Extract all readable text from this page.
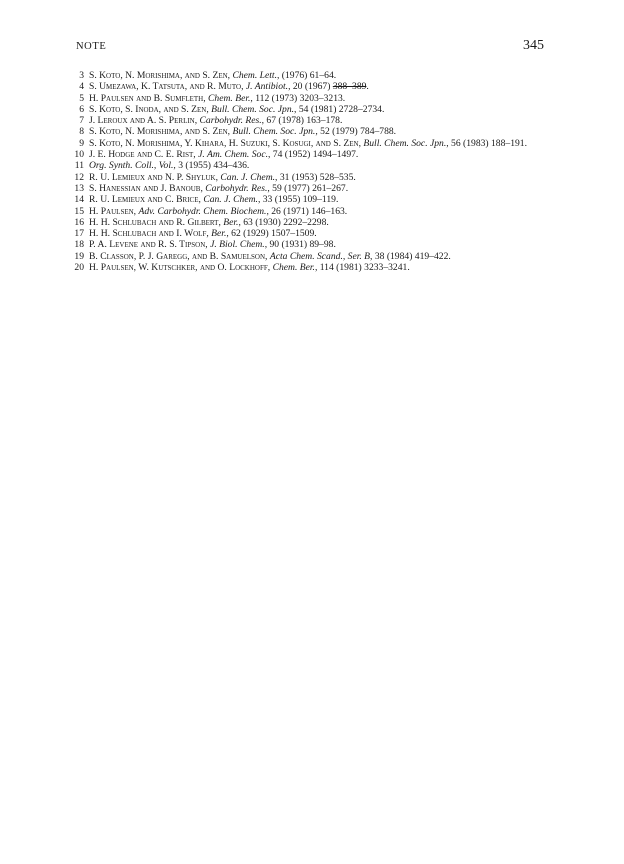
NOTE	345
3 S. Koto, N. Morishima, and S. Zen, Chem. Lett., (1976) 61–64.
4 S. Umezawa, K. Tatsuta, and R. Muto, J. Antibiot., 20 (1967) 388–389.
5 H. Paulsen and B. Sumfleth, Chem. Ber., 112 (1973) 3203–3213.
6 S. Koto, S. Inoda, and S. Zen, Bull. Chem. Soc. Jpn., 54 (1981) 2728–2734.
7 J. Leroux and A. S. Perlin, Carbohydr. Res., 67 (1978) 163–178.
8 S. Koto, N. Morishima, and S. Zen, Bull. Chem. Soc. Jpn., 52 (1979) 784–788.
9 S. Koto, N. Morishima, Y. Kihara, H. Suzuki, S. Kosugi, and S. Zen, Bull. Chem. Soc. Jpn., 56 (1983) 188–191.
10 J. E. Hodge and C. E. Rist, J. Am. Chem. Soc., 74 (1952) 1494–1497.
11 Org. Synth. Coll., Vol., 3 (1955) 434–436.
12 R. U. Lemieux and N. P. Shyluk, Can. J. Chem., 31 (1953) 528–535.
13 S. Hanessian and J. Banoub, Carbohydr. Res., 59 (1977) 261–267.
14 R. U. Lemieux and C. Brice, Can. J. Chem., 33 (1955) 109–119.
15 H. Paulsen, Adv. Carbohydr. Chem. Biochem., 26 (1971) 146–163.
16 H. H. Schlubach and R. Gilbert, Ber., 63 (1930) 2292–2298.
17 H. H. Schlubach and I. Wolf, Ber., 62 (1929) 1507–1509.
18 P. A. Levene and R. S. Tipson, J. Biol. Chem., 90 (1931) 89–98.
19 B. Classon, P. J. Garegg, and B. Samuelson, Acta Chem. Scand., Ser. B, 38 (1984) 419–422.
20 H. Paulsen, W. Kutschker, and O. Lockhoff, Chem. Ber., 114 (1981) 3233–3241.
